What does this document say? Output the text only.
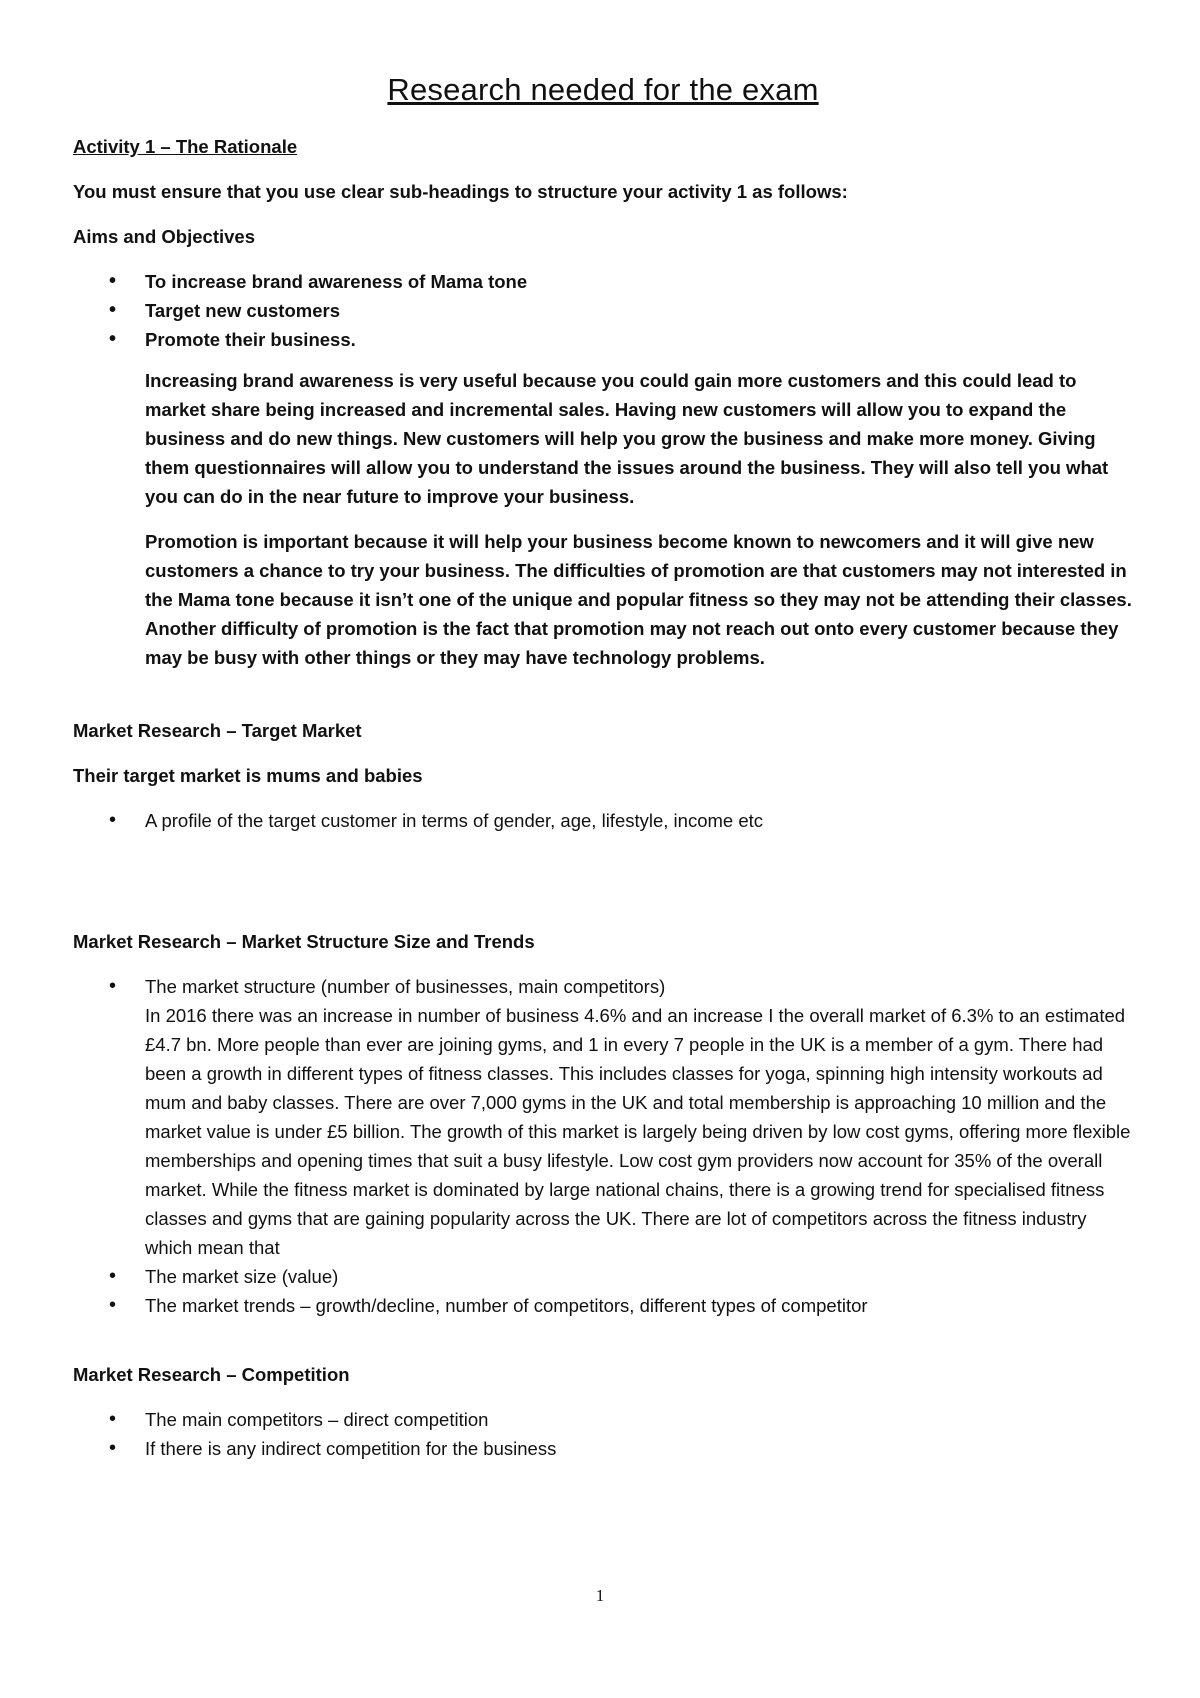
Research needed for the exam

Activity 1 – The Rationale

You must ensure that you use clear sub-headings to structure your activity 1 as follows:

Aims and Objectives

• To increase brand awareness of Mama tone
• Target new customers
• Promote their business.

Increasing brand awareness is very useful because you could gain more customers and this could lead to market share being increased and incremental sales. Having new customers will allow you to expand the business and do new things. New customers will help you grow the business and make more money. Giving them questionnaires will allow you to understand the issues around the business. They will also tell you what you can do in the near future to improve your business.

Promotion is important because it will help your business become known to newcomers and it will give new customers a chance to try your business. The difficulties of promotion are that customers may not interested in the Mama tone because it isn’t one of the unique and popular fitness so they may not be attending their classes. Another difficulty of promotion is the fact that promotion may not reach out onto every customer because they may be busy with other things or they may have technology problems.

Market Research – Target Market

Their target market is mums and babies

• A profile of the target customer in terms of gender, age, lifestyle, income etc

Market Research – Market Structure Size and Trends

• The market structure (number of businesses, main competitors)
In 2016 there was an increase in number of business 4.6% and an increase I the overall market of 6.3% to an estimated £4.7 bn. More people than ever are joining gyms, and 1 in every 7 people in the UK is a member of a gym. There had been a growth in different types of fitness classes. This includes classes for yoga, spinning high intensity workouts ad mum and baby classes. There are over 7,000 gyms in the UK and total membership is approaching 10 million and the market value is under £5 billion. The growth of this market is largely being driven by low cost gyms, offering more flexible memberships and opening times that suit a busy lifestyle. Low cost gym providers now account for 35% of the overall market. While the fitness market is dominated by large national chains, there is a growing trend for specialised fitness classes and gyms that are gaining popularity across the UK. There are lot of competitors across the fitness industry which mean that
• The market size (value)
• The market trends – growth/decline, number of competitors, different types of competitor

Market Research – Competition

• The main competitors – direct competition
• If there is any indirect competition for the business
1
